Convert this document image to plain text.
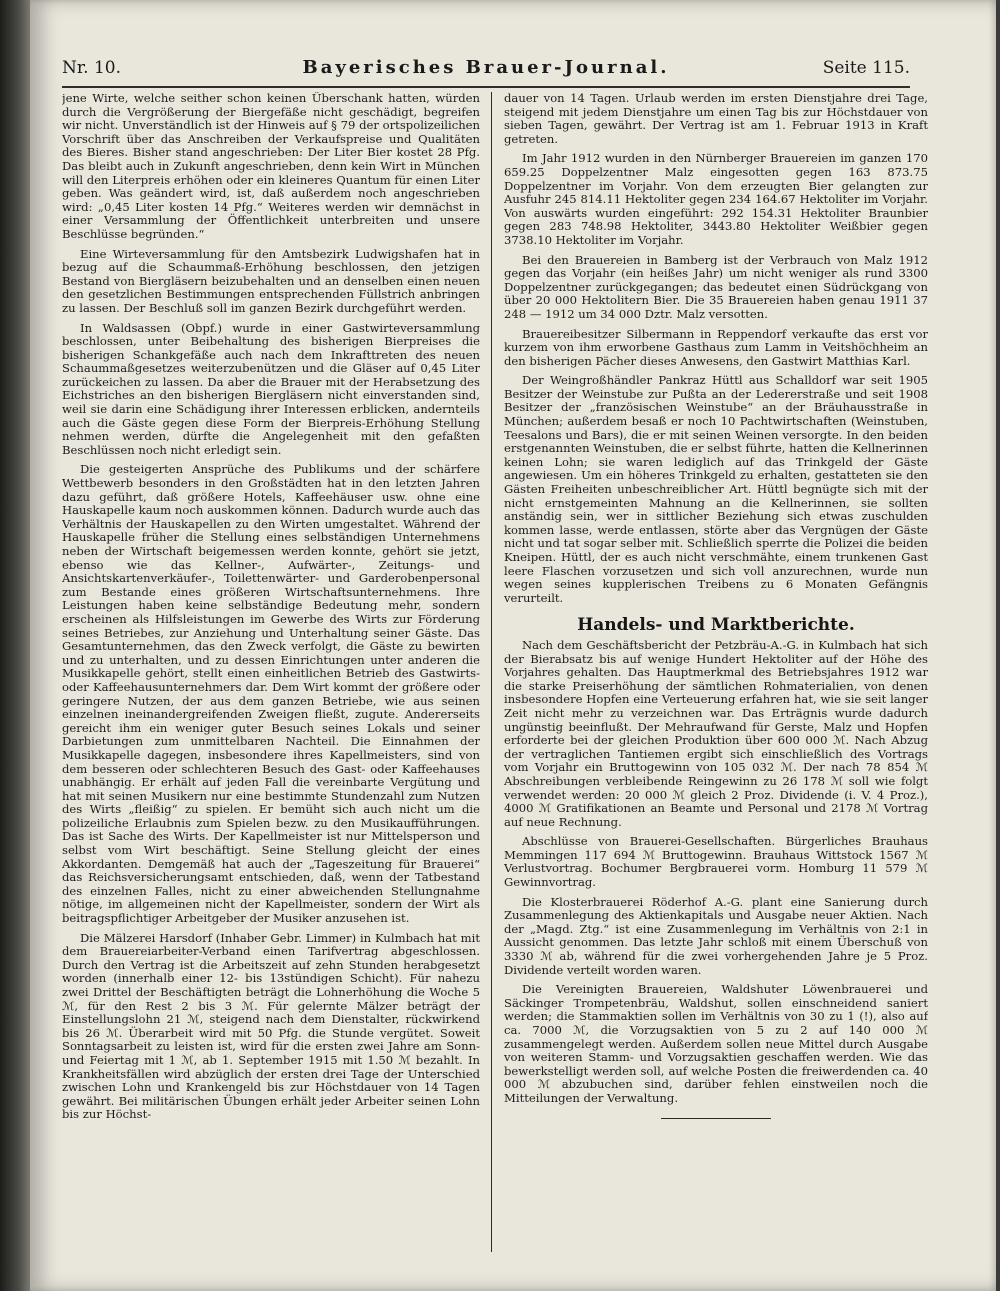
Nr. 10.	Bayerisches Brauer-Journal.	Seite 115.

jene Wirte, welche seither schon keinen Überschank hatten, würden durch die Vergrößerung der Biergefäße nicht geschädigt, begreifen wir nicht. Unverständlich ist der Hinweis auf § 79 der ortspolizeilichen Vorschrift über das Anschreiben der Verkaufspreise und Qualitäten des Bieres. Bisher stand angeschrieben: Der Liter Bier kostet 28 Pfg. Das bleibt auch in Zukunft angeschrieben, denn kein Wirt in München will den Literpreis erhöhen oder ein kleineres Quantum für einen Liter geben. Was geändert wird, ist, daß außerdem noch angeschrieben wird: „0,45 Liter kosten 14 Pfg.“ Weiteres werden wir demnächst in einer Versammlung der Öffentlichkeit unterbreiten und unsere Beschlüsse begründen.“

Eine Wirteversammlung für den Amtsbezirk Ludwigshafen hat in bezug auf die Schaummaß-Erhöhung beschlossen, den jetzigen Bestand von Biergläsern beizubehalten und an denselben einen neuen den gesetzlichen Bestimmungen entsprechenden Füllstrich anbringen zu lassen. Der Beschluß soll im ganzen Bezirk durchgeführt werden.

In Waldsassen (Obpf.) wurde in einer Gastwirteversammlung beschlossen, unter Beibehaltung des bisherigen Bierpreises die bisherigen Schankgefäße auch nach dem Inkrafttreten des neuen Schaummaßgesetzes weiterzubenützen und die Gläser auf 0,45 Liter zurückeichen zu lassen. Da aber die Brauer mit der Herabsetzung des Eichstriches an den bisherigen Biergläsern nicht einverstanden sind, weil sie darin eine Schädigung ihrer Interessen erblicken, andernteils auch die Gäste gegen diese Form der Bierpreis-Erhöhung Stellung nehmen werden, dürfte die Angelegenheit mit den gefaßten Beschlüssen noch nicht erledigt sein.

Die gesteigerten Ansprüche des Publikums und der schärfere Wettbewerb besonders in den Großstädten hat in den letzten Jahren dazu geführt, daß größere Hotels, Kaffeehäuser usw. ohne eine Hauskapelle kaum noch auskommen können. Dadurch wurde auch das Verhältnis der Hauskapellen zu den Wirten umgestaltet. Während der Hauskapelle früher die Stellung eines selbständigen Unternehmens neben der Wirtschaft beigemessen werden konnte, gehört sie jetzt, ebenso wie das Kellner-, Aufwärter-, Zeitungs- und Ansichtskartenverkäufer-, Toilettenwärter- und Garderobenpersonal zum Bestande eines größeren Wirtschaftsunternehmens. Ihre Leistungen haben keine selbständige Bedeutung mehr, sondern erscheinen als Hilfsleistungen im Gewerbe des Wirts zur Förderung seines Betriebes, zur Anziehung und Unterhaltung seiner Gäste. Das Gesamtunternehmen, das den Zweck verfolgt, die Gäste zu bewirten und zu unterhalten, und zu dessen Einrichtungen unter anderen die Musikkapelle gehört, stellt einen einheitlichen Betrieb des Gastwirts- oder Kaffeehausunternehmers dar. Dem Wirt kommt der größere oder geringere Nutzen, der aus dem ganzen Betriebe, wie aus seinen einzelnen ineinandergreifenden Zweigen fließt, zugute. Andererseits gereicht ihm ein weniger guter Besuch seines Lokals und seiner Darbietungen zum unmittelbaren Nachteil. Die Einnahmen der Musikkapelle dagegen, insbesondere ihres Kapellmeisters, sind von dem besseren oder schlechteren Besuch des Gast- oder Kaffeehauses unabhängig. Er erhält auf jeden Fall die vereinbarte Vergütung und hat mit seinen Musikern nur eine bestimmte Stundenzahl zum Nutzen des Wirts „fleißig“ zu spielen. Er bemüht sich auch nicht um die polizeiliche Erlaubnis zum Spielen bezw. zu den Musikaufführungen. Das ist Sache des Wirts. Der Kapellmeister ist nur Mittelsperson und selbst vom Wirt beschäftigt. Seine Stellung gleicht der eines Akkordanten. Demgemäß hat auch der „Tageszeitung für Brauerei“ das Reichsversicherungsamt entschieden, daß, wenn der Tatbestand des einzelnen Falles, nicht zu einer abweichenden Stellungnahme nötige, im allgemeinen nicht der Kapellmeister, sondern der Wirt als beitragspflichtiger Arbeitgeber der Musiker anzusehen ist.

Die Mälzerei Harsdorf (Inhaber Gebr. Limmer) in Kulmbach hat mit dem Brauereiarbeiter-Verband einen Tarifvertrag abgeschlossen. Durch den Vertrag ist die Arbeitszeit auf zehn Stunden herabgesetzt worden (innerhalb einer 12- bis 13stündigen Schicht). Für nahezu zwei Drittel der Beschäftigten beträgt die Lohnerhöhung die Woche 5 ℳ, für den Rest 2 bis 3 ℳ. Für gelernte Mälzer beträgt der Einstellungslohn 21 ℳ, steigend nach dem Dienstalter, rückwirkend bis 26 ℳ. Überarbeit wird mit 50 Pfg. die Stunde vergütet. Soweit Sonntagsarbeit zu leisten ist, wird für die ersten zwei Jahre am Sonn- und Feiertag mit 1 ℳ, ab 1. September 1915 mit 1.50 ℳ bezahlt. In Krankheitsfällen wird abzüglich der ersten drei Tage der Unterschied zwischen Lohn und Krankengeld bis zur Höchstdauer von 14 Tagen gewährt. Bei militärischen Übungen erhält jeder Arbeiter seinen Lohn bis zur Höchst-

dauer von 14 Tagen. Urlaub werden im ersten Dienstjahre drei Tage, steigend mit jedem Dienstjahre um einen Tag bis zur Höchstdauer von sieben Tagen, gewährt. Der Vertrag ist am 1. Februar 1913 in Kraft getreten.

Im Jahr 1912 wurden in den Nürnberger Brauereien im ganzen 170 659.25 Doppelzentner Malz eingesotten gegen 163 873.75 Doppelzentner im Vorjahr. Von dem erzeugten Bier gelangten zur Ausfuhr 245 814.11 Hektoliter gegen 234 164.67 Hektoliter im Vorjahr. Von auswärts wurden eingeführt: 292 154.31 Hektoliter Braunbier gegen 283 748.98 Hektoliter, 3443.80 Hektoliter Weißbier gegen 3738.10 Hektoliter im Vorjahr.

Bei den Brauereien in Bamberg ist der Verbrauch von Malz 1912 gegen das Vorjahr (ein heißes Jahr) um nicht weniger als rund 3300 Doppelzentner zurückgegangen; das bedeutet einen Südrückgang von über 20 000 Hektolitern Bier. Die 35 Brauereien haben genau 1911 37 248 — 1912 um 34 000 Dztr. Malz versotten.

Brauereibesitzer Silbermann in Reppendorf verkaufte das erst vor kurzem von ihm erworbene Gasthaus zum Lamm in Veitshöchheim an den bisherigen Pächer dieses Anwesens, den Gastwirt Matthias Karl.

Der Weingroßhändler Pankraz Hüttl aus Schalldorf war seit 1905 Besitzer der Weinstube zur Pußta an der Ledererstraße und seit 1908 Besitzer der „französischen Weinstube“ an der Bräuhausstraße in München; außerdem besaß er noch 10 Pachtwirtschaften (Weinstuben, Teesalons und Bars), die er mit seinen Weinen versorgte. In den beiden erstgenannten Weinstuben, die er selbst führte, hatten die Kellnerinnen keinen Lohn; sie waren lediglich auf das Trinkgeld der Gäste angewiesen. Um ein höheres Trinkgeld zu erhalten, gestatteten sie den Gästen Freiheiten unbeschreiblicher Art. Hüttl begnügte sich mit der nicht ernstgemeinten Mahnung an die Kellnerinnen, sie sollten anständig sein, wer in sittlicher Beziehung sich etwas zuschulden kommen lasse, werde entlassen, störte aber das Vergnügen der Gäste nicht und tat sogar selber mit. Schließlich sperrte die Polizei die beiden Kneipen. Hüttl, der es auch nicht verschmähte, einem trunkenen Gast leere Flaschen vorzusetzen und sich voll anzurechnen, wurde nun wegen seines kupplerischen Treibens zu 6 Monaten Gefängnis verurteilt.

Handels- und Marktberichte.

Nach dem Geschäftsbericht der Petzbräu-A.-G. in Kulmbach hat sich der Bierabsatz bis auf wenige Hundert Hektoliter auf der Höhe des Vorjahres gehalten. Das Hauptmerkmal des Betriebsjahres 1912 war die starke Preiserhöhung der sämtlichen Rohmaterialien, von denen insbesondere Hopfen eine Verteuerung erfahren hat, wie sie seit langer Zeit nicht mehr zu verzeichnen war. Das Erträgnis wurde dadurch ungünstig beeinflußt. Der Mehraufwand für Gerste, Malz und Hopfen erforderte bei der gleichen Produktion über 600 000 ℳ. Nach Abzug der vertraglichen Tantiemen ergibt sich einschließlich des Vortrags vom Vorjahr ein Bruttogewinn von 105 032 ℳ. Der nach 78 854 ℳ Abschreibungen verbleibende Reingewinn zu 26 178 ℳ soll wie folgt verwendet werden: 20 000 ℳ gleich 2 Proz. Dividende (i. V. 4 Proz.), 4000 ℳ Gratifikationen an Beamte und Personal und 2178 ℳ Vortrag auf neue Rechnung.

Abschlüsse von Brauerei-Gesellschaften. Bürgerliches Brauhaus Memmingen 117 694 ℳ Bruttogewinn. Brauhaus Wittstock 1567 ℳ Verlustvortrag. Bochumer Bergbrauerei vorm. Homburg 11 579 ℳ Gewinnvortrag.

Die Klosterbrauerei Röderhof A.-G. plant eine Sanierung durch Zusammenlegung des Aktienkapitals und Ausgabe neuer Aktien. Nach der „Magd. Ztg.“ ist eine Zusammenlegung im Verhältnis von 2:1 in Aussicht genommen. Das letzte Jahr schloß mit einem Überschuß von 3330 ℳ ab, während für die zwei vorhergehenden Jahre je 5 Proz. Dividende verteilt worden waren.

Die Vereinigten Brauereien, Waldshuter Löwenbrauerei und Säckinger Trompetenbräu, Waldshut, sollen einschneidend saniert werden; die Stammaktien sollen im Verhältnis von 30 zu 1 (!), also auf ca. 7000 ℳ, die Vorzugsaktien von 5 zu 2 auf 140 000 ℳ zusammengelegt werden. Außerdem sollen neue Mittel durch Ausgabe von weiteren Stamm- und Vorzugsaktien geschaffen werden. Wie das bewerkstelligt werden soll, auf welche Posten die freiwerdenden ca. 40 000 ℳ abzubuchen sind, darüber fehlen einstweilen noch die Mitteilungen der Verwaltung.
